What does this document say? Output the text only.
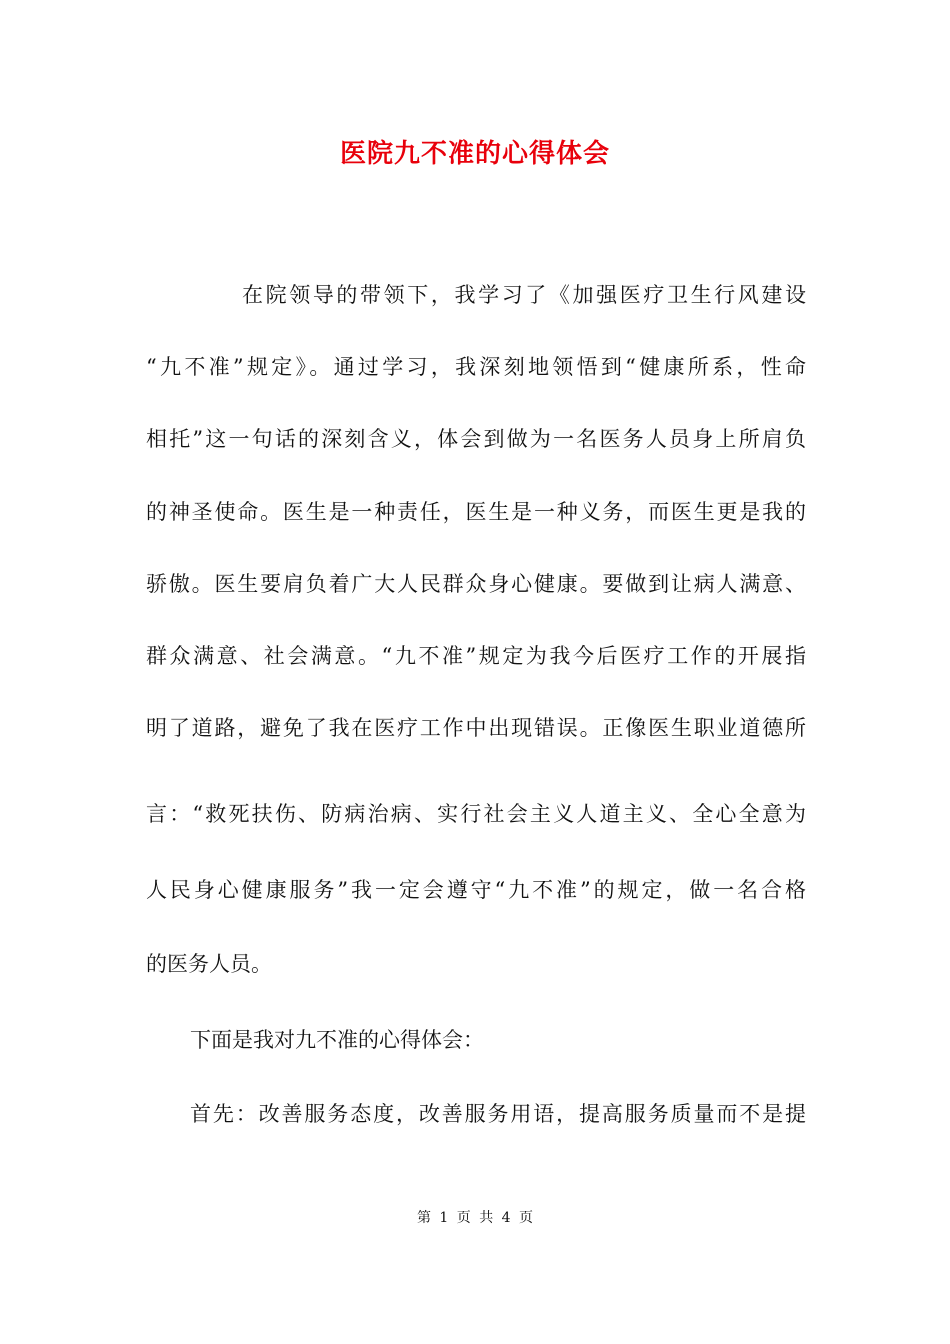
医院九不准的心得体会
在院领导的带领下，我学习了《加强医疗卫生行风建设
“九不准”规定》。通过学习，我深刻地领悟到“健康所系，性命
相托”这一句话的深刻含义，体会到做为一名医务人员身上所肩负
的神圣使命。医生是一种责任，医生是一种义务，而医生更是我的
骄傲。医生要肩负着广大人民群众身心健康。要做到让病人满意、
群众满意、社会满意。“九不准”规定为我今后医疗工作的开展指
明了道路，避免了我在医疗工作中出现错误。正像医生职业道德所
言：“救死扶伤、防病治病、实行社会主义人道主义、全心全意为
人民身心健康服务”我一定会遵守“九不准”的规定，做一名合格
的医务人员。
下面是我对九不准的心得体会：
首先：改善服务态度，改善服务用语，提高服务质量而不是提
第 1 页 共 4 页
